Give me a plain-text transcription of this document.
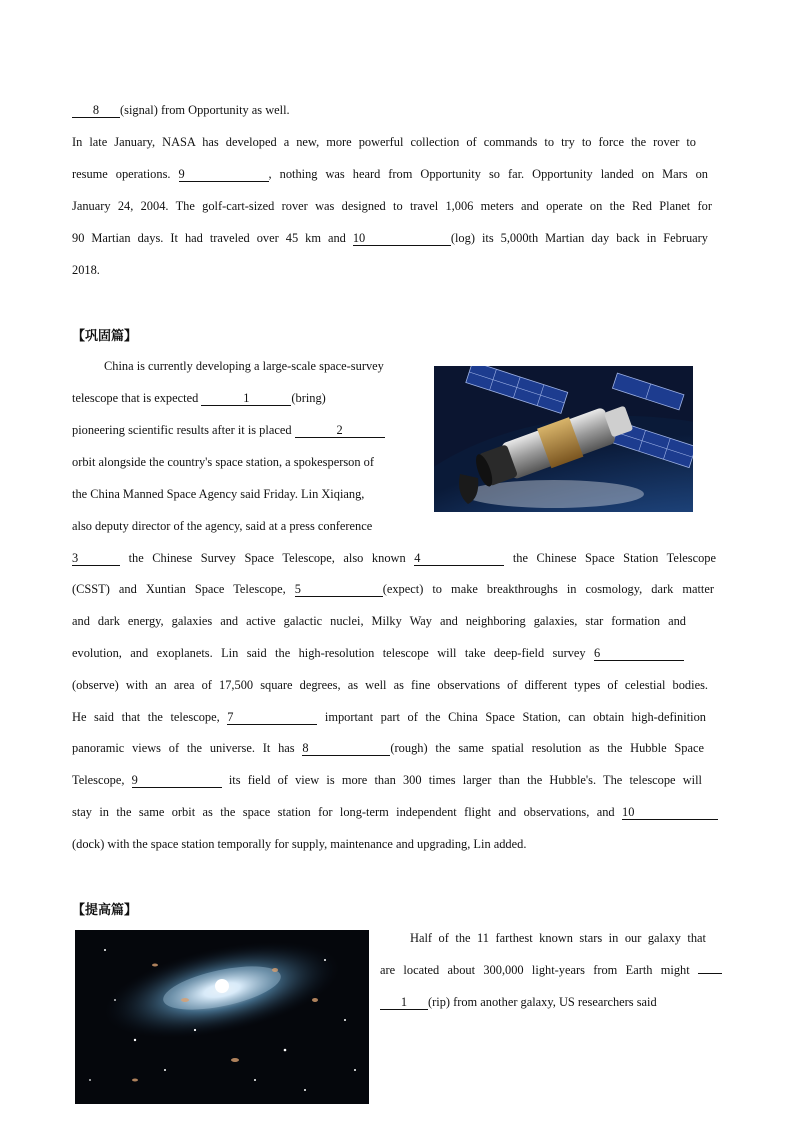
8 (signal) from Opportunity as well.
In late January, NASA has developed a new, more powerful collection of commands to try to force the rover to
resume operations. 9	, nothing was heard from Opportunity so far. Opportunity landed on Mars on
January 24, 2004. The golf-cart-sized rover was designed to travel 1,006 meters and operate on the Red Planet for
90 Martian days. It had traveled over 45 km and 10	(log) its 5,000th Martian day back in February
2018.
【巩固篇】
China is currently developing a large-scale space-survey
telescope that is expected	1	(bring)
pioneering scientific results after it is placed	2
orbit alongside the country's space station, a spokesperson of
the China Manned Space Agency said Friday. Lin Xiqiang,
also deputy director of the agency, said at a press conference
3	the Chinese Survey Space Telescope, also known 4	the Chinese Space Station Telescope
(CSST) and Xuntian Space Telescope, 5	(expect) to make breakthroughs in cosmology, dark matter
and dark energy, galaxies and active galactic nuclei, Milky Way and neighboring galaxies, star formation and
evolution, and exoplanets. Lin said the high-resolution telescope will take deep-field survey 6
(observe) with an area of 17,500 square degrees, as well as fine observations of different types of celestial bodies.
He said that the telescope, 7	important part of the China Space Station, can obtain high-definition
panoramic views of the universe. It has 8	(rough) the same spatial resolution as the Hubble Space
Telescope, 9	its field of view is more than 300 times larger than the Hubble's. The telescope will
stay in the same orbit as the space station for long-term independent flight and observations, and 10
(dock) with the space station temporally for supply, maintenance and upgrading, Lin added.
【提高篇】
Half of the 11 farthest known stars in our galaxy that
are located about 300,000 light-years from Earth might
1 (rip) from another galaxy, US researchers said
